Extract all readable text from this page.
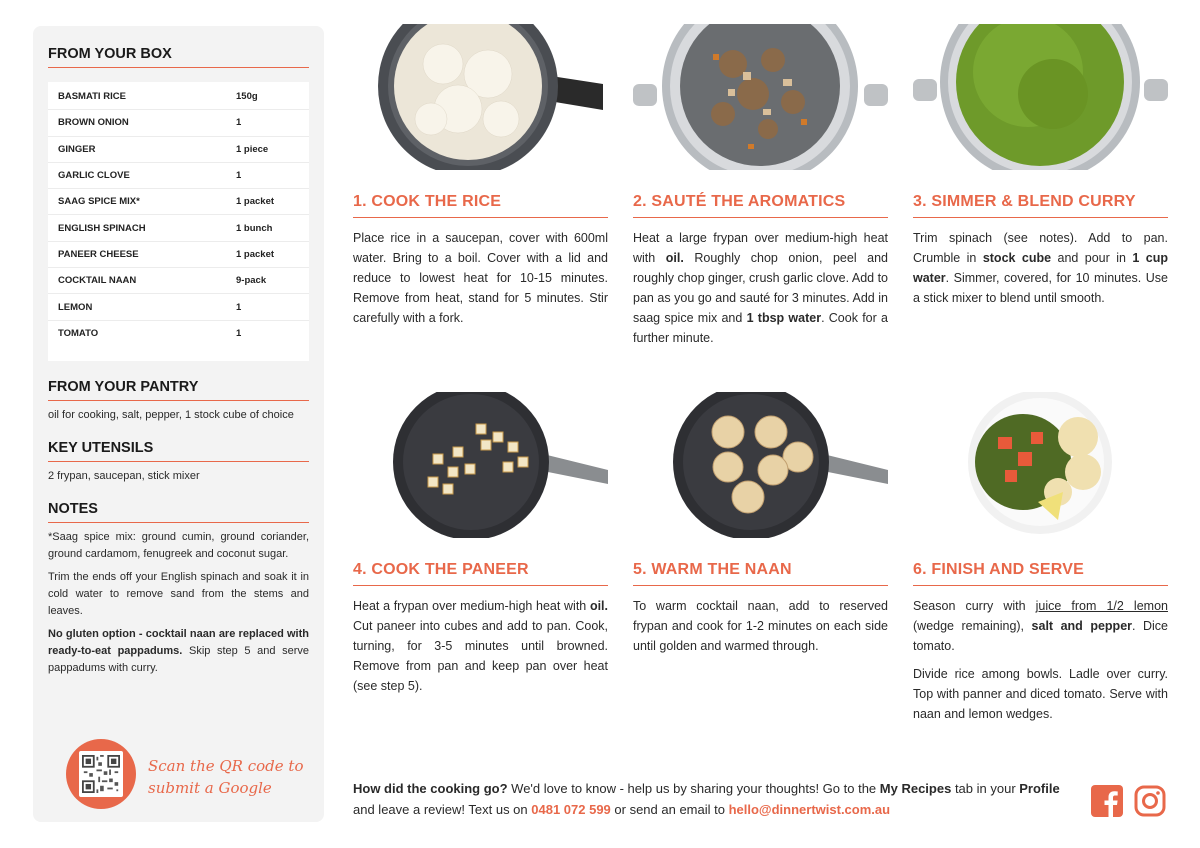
FROM YOUR BOX
BASMATI RICE	150g
BROWN ONION	1
GINGER	1 piece
GARLIC CLOVE	1
SAAG SPICE MIX*	1 packet
ENGLISH SPINACH	1 bunch
PANEER CHEESE	1 packet
COCKTAIL NAAN	9-pack
LEMON	1
TOMATO	1
FROM YOUR PANTRY
oil for cooking, salt, pepper, 1 stock cube of choice
KEY UTENSILS
2 frypan, saucepan, stick mixer
NOTES
*Saag spice mix: ground cumin, ground coriander, ground cardamom, fenugreek and coconut sugar.
Trim the ends off your English spinach and soak it in cold water to remove sand from the stems and leaves.
No gluten option - cocktail naan are replaced with ready-to-eat pappadums. Skip step 5 and serve pappadums with curry.
Scan the QR code to
submit a Google
1. COOK THE RICE	2. SAUTÉ THE AROMATICS	3. SIMMER & BLEND CURRY
Place rice in a saucepan, cover with 600ml water. Bring to a boil. Cover with a lid and reduce to lowest heat for 10-15 minutes. Remove from heat, stand for 5 minutes. Stir carefully with a fork.
Heat a large frypan over medium-high heat with oil. Roughly chop onion, peel and roughly chop ginger, crush garlic clove. Add to pan as you go and sauté for 3 minutes. Add in saag spice mix and 1 tbsp water. Cook for a further minute.
Trim spinach (see notes). Add to pan. Crumble in stock cube and pour in 1 cup water. Simmer, covered, for 10 minutes. Use a stick mixer to blend until smooth.
4. COOK THE PANEER	5. WARM THE NAAN	6. FINISH AND SERVE
Heat a frypan over medium-high heat with oil. Cut paneer into cubes and add to pan. Cook, turning, for 3-5 minutes until browned. Remove from pan and keep pan over heat (see step 5).
To warm cocktail naan, add to reserved frypan and cook for 1-2 minutes on each side until golden and warmed through.

Season curry with juice from 1/2 lemon (wedge remaining), salt and pepper. Dice tomato.

Divide rice among bowls. Ladle over curry. Top with panner and diced tomato. Serve with naan and lemon wedges.

How did the cooking go? We'd love to know - help us by sharing your thoughts! Go to the My Recipes tab in your Profile and leave a review! Text us on 0481 072 599 or send an email to hello@dinnertwist.com.au
